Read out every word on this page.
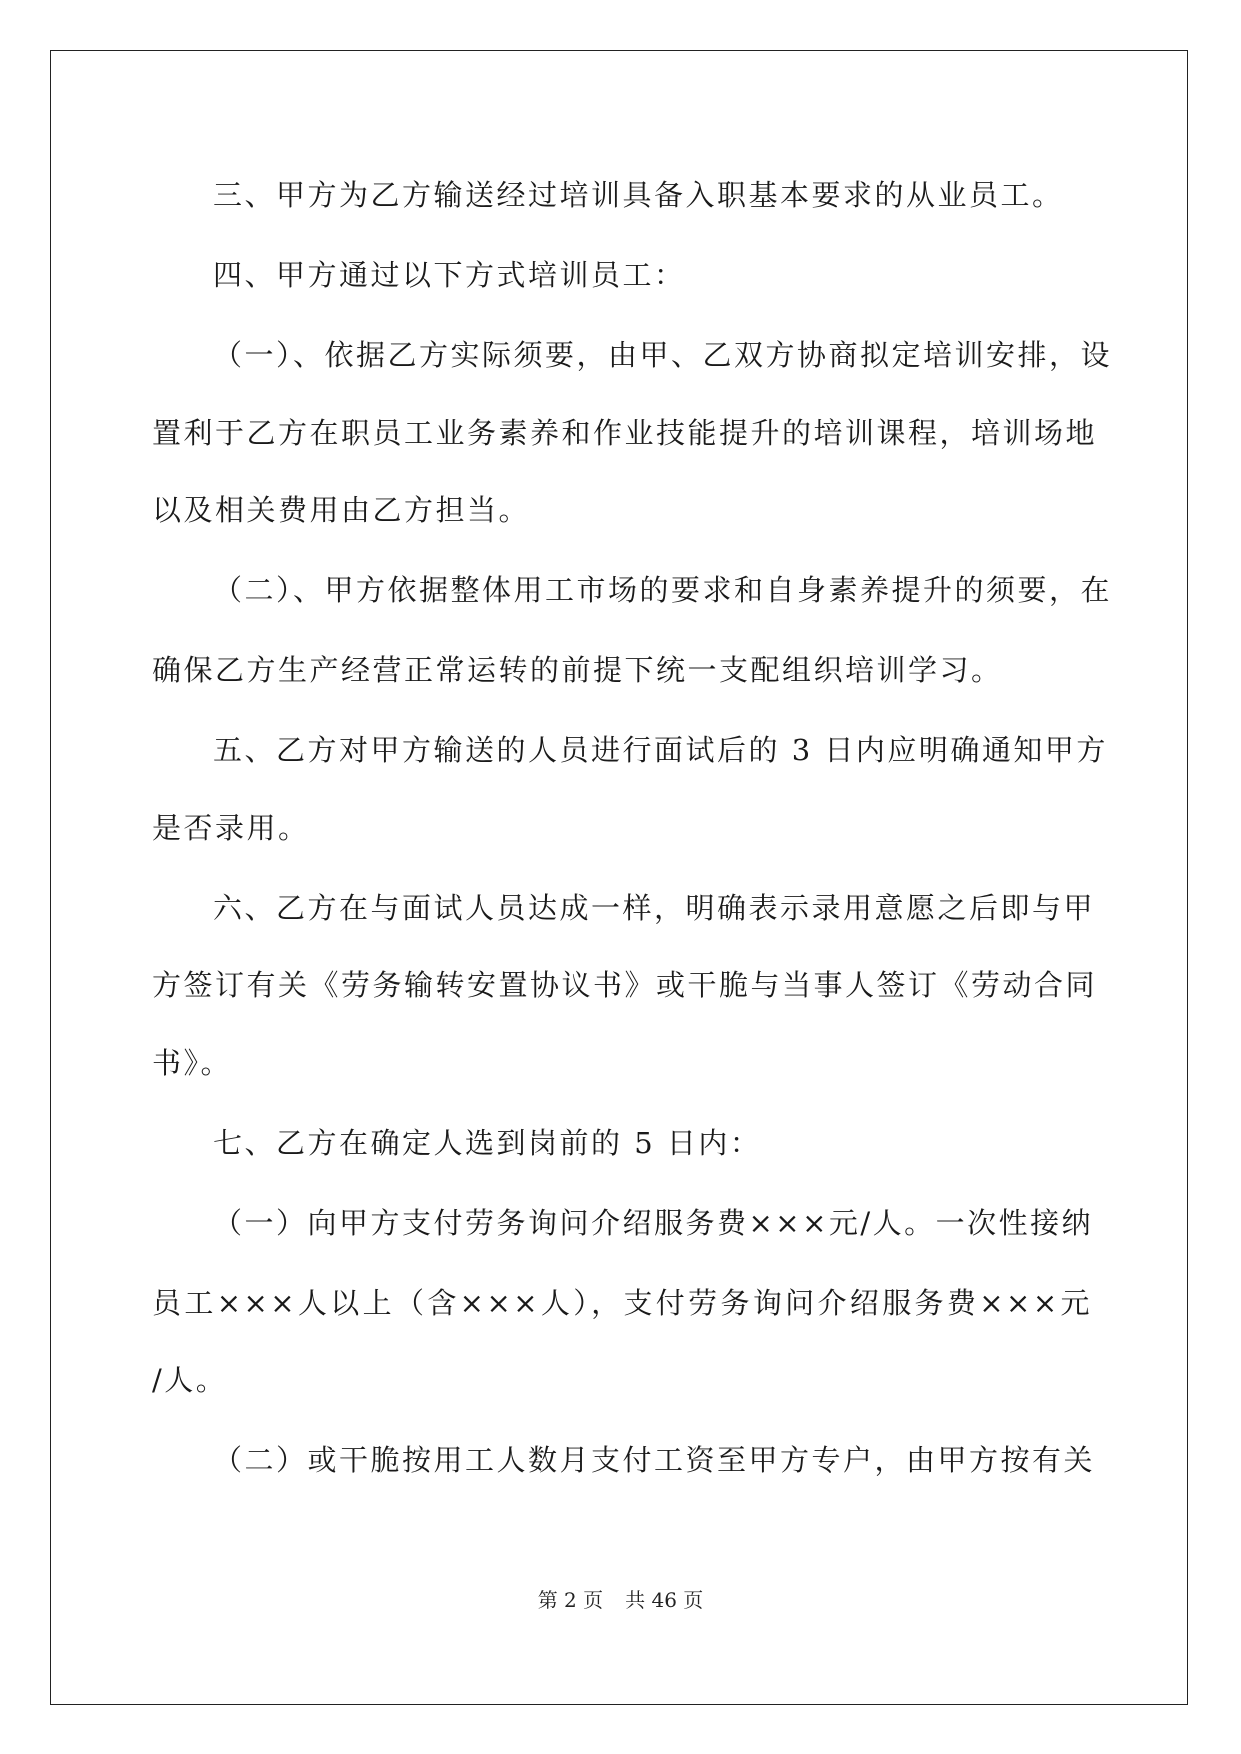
三、甲方为乙方输送经过培训具备入职基本要求的从业员工。
四、甲方通过以下方式培训员工：
（一）、依据乙方实际须要，由甲、乙双方协商拟定培训安排，设
置利于乙方在职员工业务素养和作业技能提升的培训课程，培训场地
以及相关费用由乙方担当。
（二）、甲方依据整体用工市场的要求和自身素养提升的须要，在
确保乙方生产经营正常运转的前提下统一支配组织培训学习。
五、乙方对甲方输送的人员进行面试后的 3 日内应明确通知甲方
是否录用。
六、乙方在与面试人员达成一样，明确表示录用意愿之后即与甲
方签订有关《劳务输转安置协议书》或干脆与当事人签订《劳动合同
书》。
七、乙方在确定人选到岗前的 5 日内：
（一）向甲方支付劳务询问介绍服务费×××元/人。一次性接纳
员工×××人以上（含×××人），支付劳务询问介绍服务费×××元
/人。
（二）或干脆按用工人数月支付工资至甲方专户，由甲方按有关
第 2 页 共 46 页
